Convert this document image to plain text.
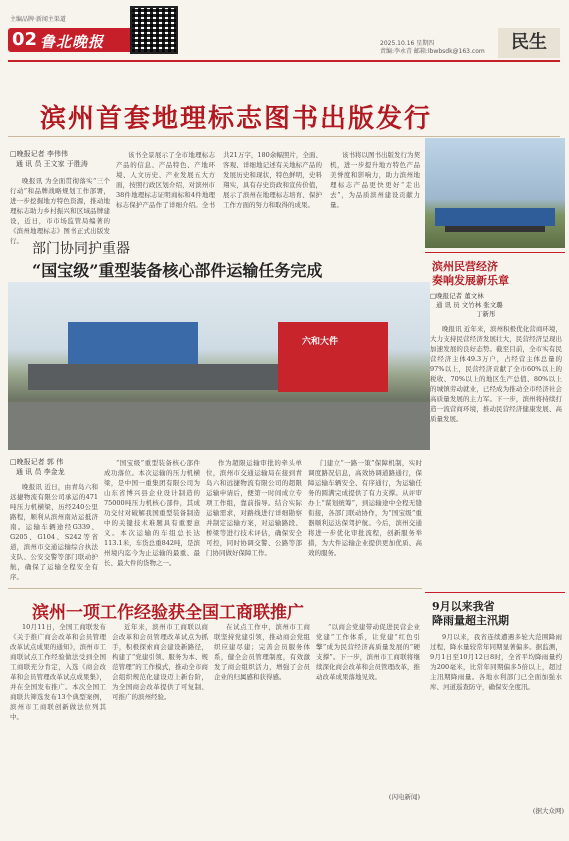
主编品牌·新闻主渠道
02 鲁北晚报	2025.10.16 星期四
责编:李永青 邮箱:lbwbsdk@163.com	民生
滨州首套地理标志图书出版发行
□晚报记者 李伟伟
通 讯 员 王文家 于胜涛

晚报讯 为全面贯彻落实“三个行动”和品牌战略规划工作部署，进一步挖掘地方特色资源，推动地理标志助力乡村振兴和区域品牌建设，近日，市市场监管局编著的《滨州地理标志》图书正式出版发行。

该书全景展示了全市地理标志产品的信息、产品特色、产地环境、人文历史、产业发展五大方面，按照行政区划介绍，对滨州市38件地理标志证明商标和4件地理标志保护产品作了详细介绍。全书共21万字，180余幅照片，全面、客观、详细地记述有关地标产品的发展历史和现状，特色鲜明，史料翔实，具有存史资政和宣传价值，展示了滨州在地理标志培育、保护工作方面的努力和取得的成果。

该书将以图书出版发行为契机，进一步提升地方特色产品美誉度和影响力，助力滨州地理标志产品更快更好“走出去”，为品质滨州建设贡献力量。

部门协同护重器
“国宝级”重型装备核心部件运输任务完成
六和大件
□晚报记者 郭 伟
通 讯 员 李金龙

晚报讯 近日，由青岛六和远捷物流有限公司承运的471吨压力机横梁，历经240公里路程，顺利从滨州南站运抵济南。运输车辆途经G339、G205、G104、S242等省道，滨州市交通运输综合执法支队、公安交警等部门联动护航，确保了运输全程安全有序。

“国宝级”重型装备核心部件成功落位。本次运输的压力机横梁，是中国一重集团有限公司为山东省博兴县企业设计制造的75000吨压力机核心部件，其成功交付对破解我国重型装备制造中的关键技术难题具有重要意义。本次运输的车组总长达113.1米，车货总重842吨，是滨州境内迄今为止运输的最重、最长、最大件的货物之一。

作为超限运输审批的牵头单位，滨州市交通运输局在接到青岛六和远捷物流有限公司的超限运输申请后，便第一时间成立专项工作组，靠前指导。结合实际运输需求，对路线进行详细勘察并制定运输方案，对运输路段、桥梁等进行技术评估，确保安全可控，同时协调交警、公路等部门协同做好保障工作。

门建立“一路一策”保障机制，实时调度路况信息，高效协调道路通行，保障运输车辆安全、有序通行，为运输任务的圆满完成提供了有力支撑。从评审办上“谋划统筹”，到运输途中全程无缝衔接，各部门联动协作，为“国宝级”重器顺利运达保驾护航。今后，滨州交通将进一步优化审批流程，创新服务举措，为大件运输企业提供更加优质、高效的服务。

滨州民营经济
奏响发展新乐章
□晚报记者 董文林
通 讯 员 文竹林 张文璐
丁新彤

晚报讯 近年来，滨州积极优化营商环境，大力支持民营经济发展壮大，民营经济呈现出加速发展的良好态势。截至目前，全市实有民营经济主体49.3万户，占经营主体总量的97%以上，民营经济贡献了全市60%以上的税收、70%以上的地区生产总值、80%以上的城镇劳动就业，已经成为推动全市经济社会高质量发展的主力军。下一步，滨州将持续打造一流营商环境，推动民营经济健康发展、高质量发展。

9月以来我省
降雨量超主汛期

9月以来，我省连续遭遇多轮大范围降雨过程，降水量较常年同期显著偏多。据监测，9月1日至10月12日8时，全省平均降雨量约为200毫米，比常年同期偏多5倍以上，超过主汛期降雨量。各地水利部门已全面加强水库、河道巡查防守，确保安全度汛。

(据大众网)
滨州一项工作经验获全国工商联推广

10月11日，全国工商联发布《关于推广商会改革和会员管理改革试点成果的通知》，滨州市工商联试点工作经验做法受到全国工商联充分肯定，入选《商会改革和会员管理改革试点成果集》，并在全国发布推广。本次全国工商联共筛选发布13个典型案例，滨州市工商联创新做法位列其中。

近年来，滨州市工商联以商会改革和会员管理改革试点为抓手，积极探索商会建设新路径，构建了“党建引领、服务为本、规范管理”的工作模式，推动全市商会组织规范化建设迈上新台阶，为全国商会改革提供了可复制、可推广的滨州经验。

在试点工作中，滨州市工商联坚持党建引领，推动商会党组织应建尽建；完善会员服务体系，健全会员管理制度，有效激发了商会组织活力，增强了会员企业的归属感和获得感。

“以商会党建带动促进民营企业党建”工作体系，让党建“红色引擎”成为民营经济高质量发展的“硬支撑”。下一步，滨州市工商联将继续深化商会改革和会员管理改革，推动改革成果落地见效。

(闪电新闻)
